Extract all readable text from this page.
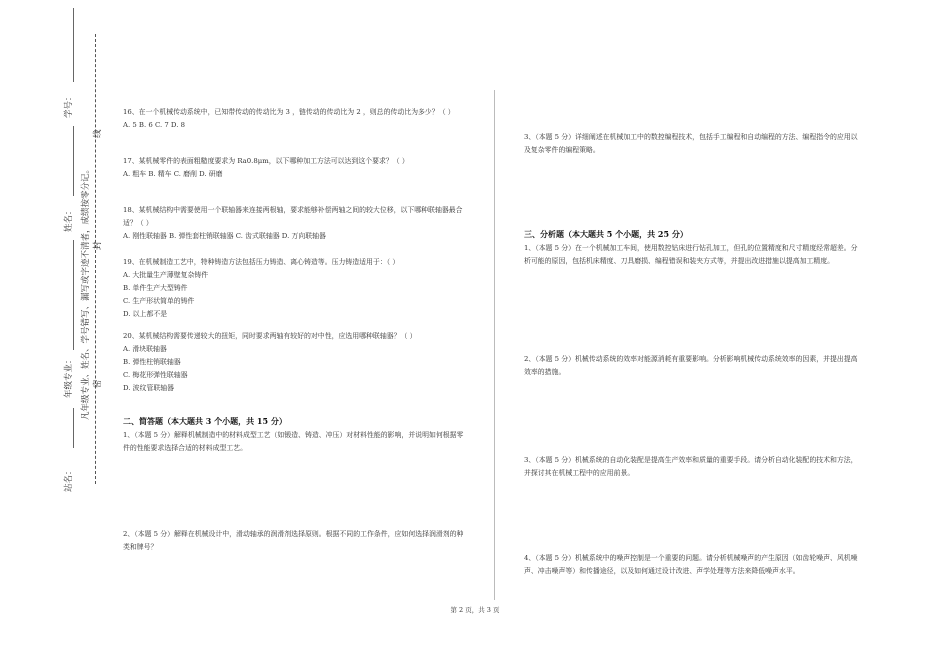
学号：
姓名：
年级专业：
站名：
凡年级专业、姓名、学号错写、漏写或字迹不清者，成绩按零分记。 密
封
线

16、在一个机械传动系统中，已知带传动的传动比为 3 ，链传动的传动比为 2 ，则总的传动比为多少？（ ）

A. 5 B. 6 C. 7 D. 8

17、某机械零件的表面粗糙度要求为 Ra0.8μm，以下哪种加工方法可以达到这个要求？（ ）

A. 粗车 B. 精车 C. 磨削 D. 研磨

18、某机械结构中需要使用一个联轴器来连接两根轴，要求能够补偿两轴之间的较大位移，以下哪种联轴器最合适？（ ）

A. 刚性联轴器 B. 弹性套柱销联轴器 C. 齿式联轴器 D. 万向联轴器

19、在机械制造工艺中，特种铸造方法包括压力铸造、离心铸造等。压力铸造适用于：（ ）

A. 大批量生产薄壁复杂铸件

B. 单件生产大型铸件

C. 生产形状简单的铸件

D. 以上都不是

20、某机械结构需要传递较大的扭矩，同时要求两轴有较好的对中性，应选用哪种联轴器？（ ）

A. 滑块联轴器

B. 弹性柱销联轴器

C. 梅花形弹性联轴器

D. 波纹管联轴器

二、简答题（本大题共 3 个小题，共 15 分）
1、（本题 5 分）解释机械制造中的材料成型工艺（如锻造、铸造、冲压）对材料性能的影响，并说明如何根据零件的性能要求选择合适的材料成型工艺。
2、（本题 5 分）解释在机械设计中，滑动轴承的润滑剂选择原则。根据不同的工作条件，应如何选择润滑剂的种类和牌号？
3、（本题 5 分）详细阐述在机械加工中的数控编程技术，包括手工编程和自动编程的方法、编程指令的应用以及复杂零件的编程策略。
三、分析题（本大题共 5 个小题，共 25 分）
1、（本题 5 分）在一个机械加工车间，使用数控钻床进行钻孔加工，但孔的位置精度和尺寸精度经常超差。分析可能的原因，包括机床精度、刀具磨损、编程错误和装夹方式等，并提出改进措施以提高加工精度。
2、（本题 5 分）机械传动系统的效率对能源消耗有重要影响。分析影响机械传动系统效率的因素，并提出提高效率的措施。
3、（本题 5 分）机械系统的自动化装配是提高生产效率和质量的重要手段。请分析自动化装配的技术和方法，并探讨其在机械工程中的应用前景。
4、（本题 5 分）机械系统中的噪声控制是一个重要的问题。请分析机械噪声的产生原因（如齿轮噪声、风机噪声、冲击噪声等）和传播途径，以及如何通过设计改进、声学处理等方法来降低噪声水平。
第 2 页，共 3 页
